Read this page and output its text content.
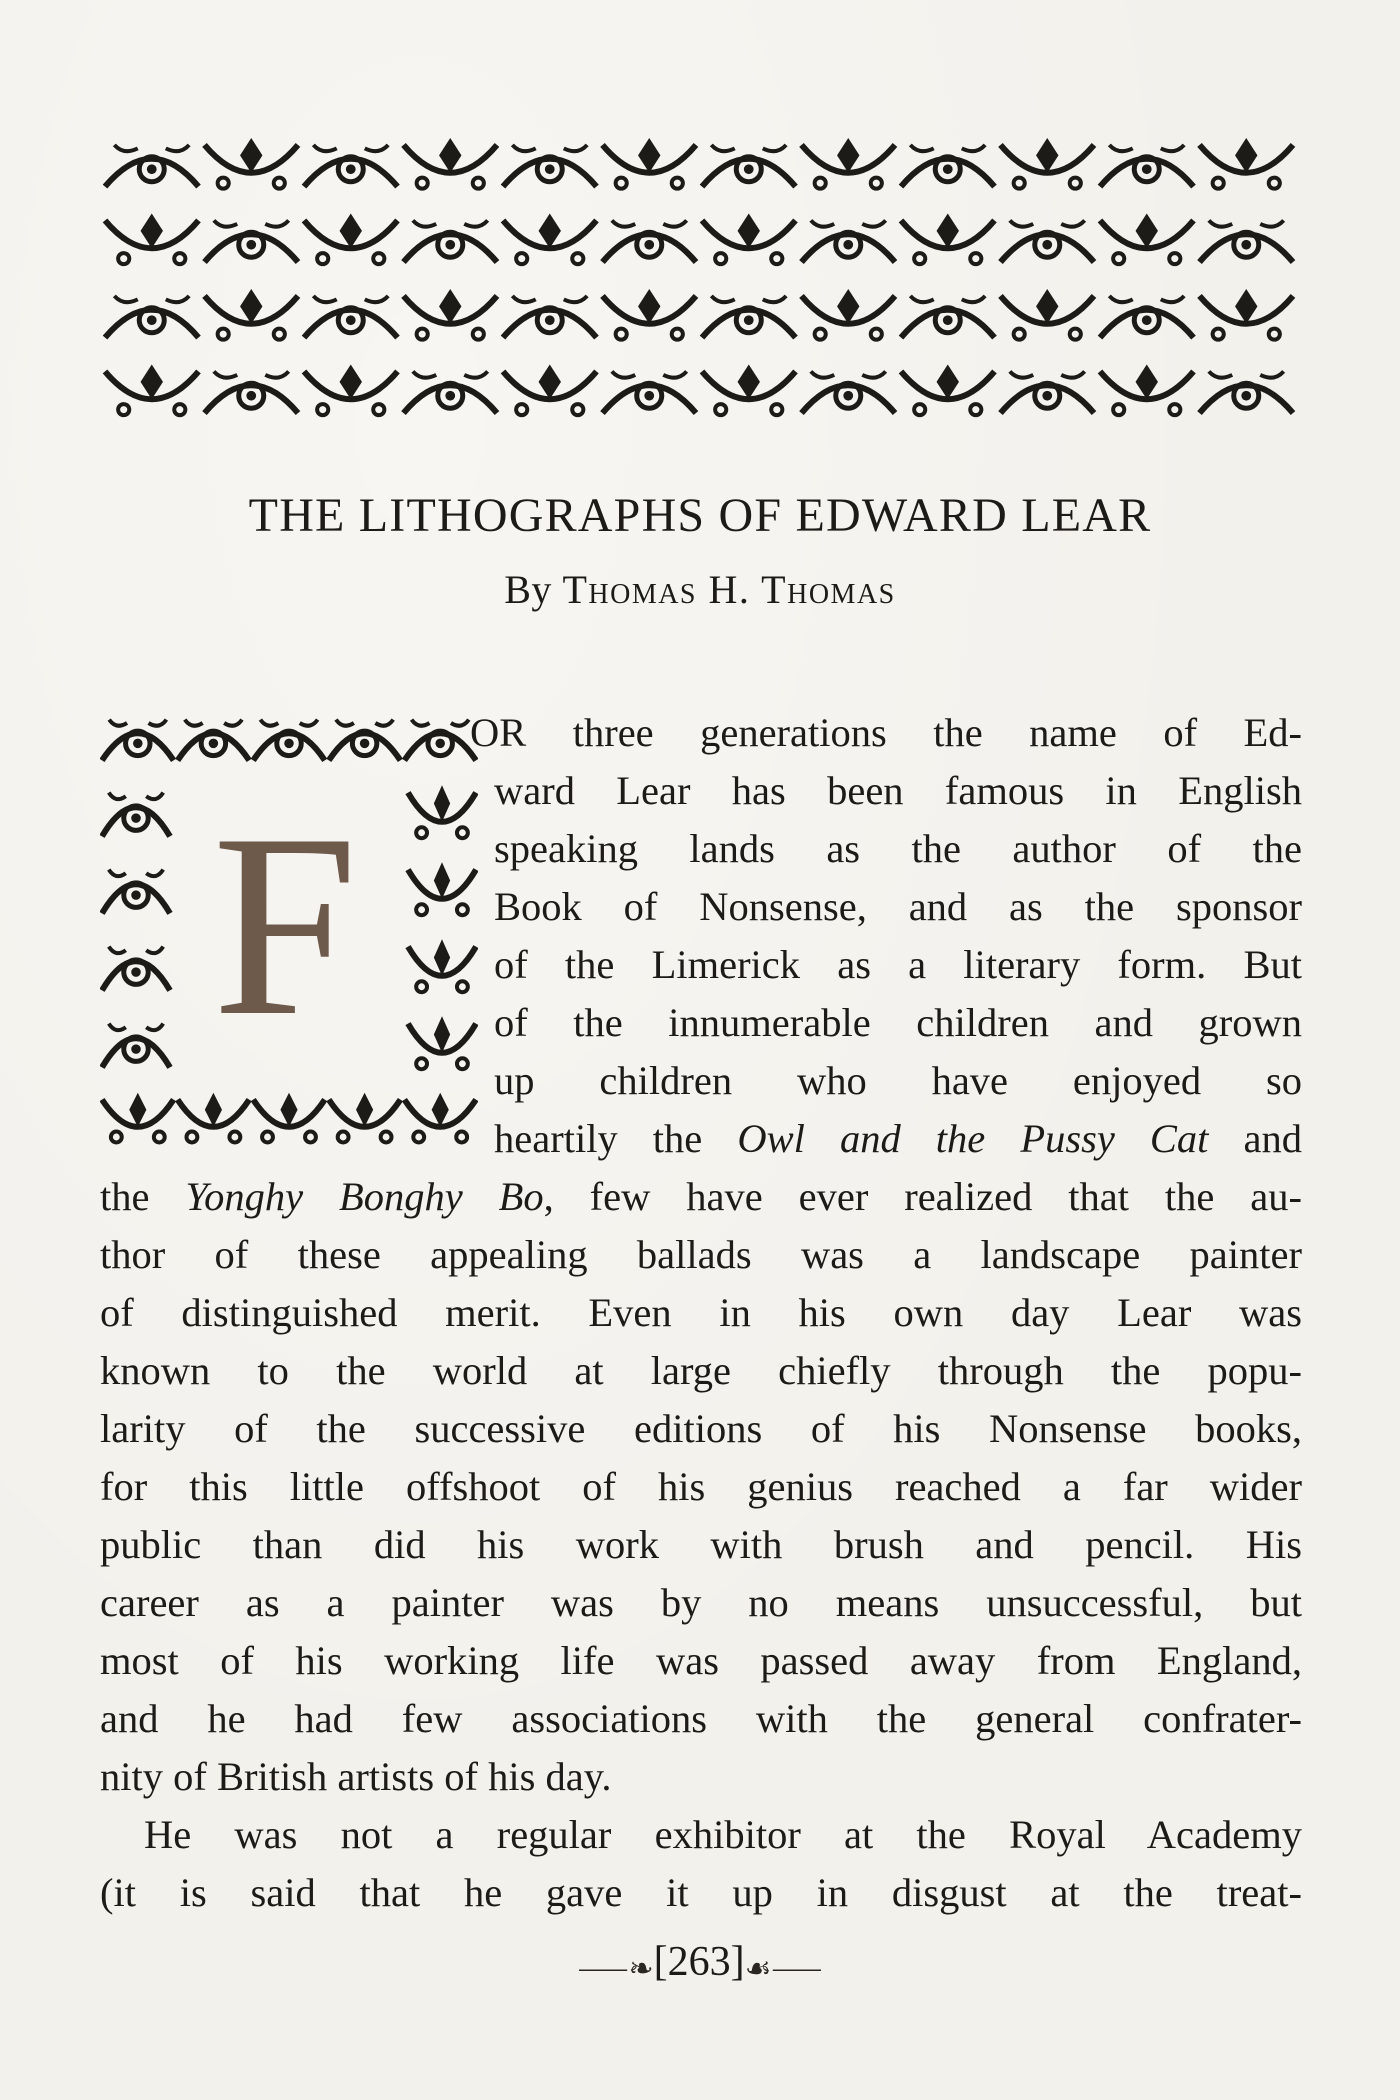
THE LITHOGRAPHS OF EDWARD LEAR
By Thomas H. Thomas
F
OR three generations the name of Ed-
ward Lear has been famous in English
speaking lands as the author of the
Book of Nonsense, and as the sponsor
of the Limerick as a literary form. But
of the innumerable children and grown
up children who have enjoyed so
heartily the Owl and the Pussy Cat and
the Yonghy Bonghy Bo, few have ever realized that the au-
thor of these appealing ballads was a landscape painter
of distinguished merit. Even in his own day Lear was
known to the world at large chiefly through the popu-
larity of the successive editions of his Nonsense books,
for this little offshoot of his genius reached a far wider
public than did his work with brush and pencil. His
career as a painter was by no means unsuccessful, but
most of his working life was passed away from England,
and he had few associations with the general confrater-
nity of British artists of his day.
He was not a regular exhibitor at the Royal Academy
(it is said that he gave it up in disgust at the treat-
⸺❧[263]☙⸺
